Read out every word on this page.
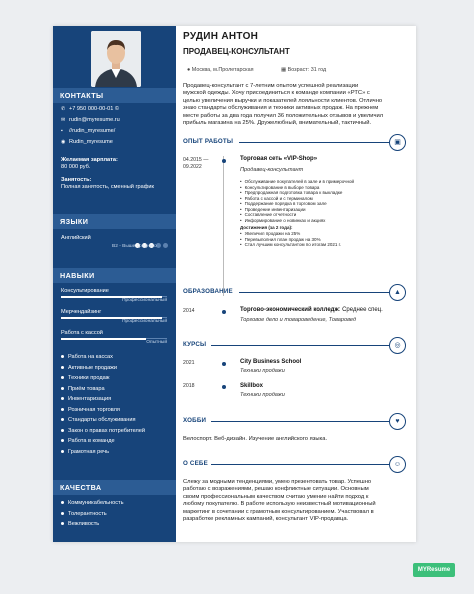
КОНТАКТЫ
✆ +7 950 000-00-01 ©
✉ rudin@myresume.ru
▪ //rudin_myresume/
◉ Rudin_myresume
Желаемая зарплата:
80 000 руб.
Занятость:
Полная занятость, сменный график
ЯЗЫКИ
Английский
B2 - Выше среднего
НАВЫКИ
Консультирование
Профессиональный
Мерчендайзинг
Профессиональный
Работа с кассой
Опытный
Работа на кассах
Активные продажи
Техники продаж
Приём товара
Инвентаризация
Розничная торговля
Стандарты обслуживания
Закон о правах потребителей
Работа в команде
Грамотная речь
КАЧЕСТВА
Коммуникабельность
Толерантность
Вежливость
РУДИН АНТОН
ПРОДАВЕЦ-КОНСУЛЬТАНТ
● Москва, м.Пролетарская	▦ Возраст: 31 год
Продавец-консультант с 7-летним опытом успешной реализации
мужской одежды. Хочу присоединиться к команде компании «РТС» с
целью увеличения выручки и показателей лояльности клиентов. Отлично
знаю стандарты обслуживания и техники активных продаж. На прежнем
месте работы за два года получил 36 положительных отзывов и увеличил
прибыль магазина на 25%. Дружелюбный, внимательный, тактичный.
ОПЫТ РАБОТЫ	▣
04.2015 —
09.2022
Торговая сеть «VIP-Shop»
Продавец-консультант
• Обслуживание покупателей в зале и в примерочной
• Консультирование в выборе товара
• Предпродажная подготовка товара к выкладке
• Работа с кассой и с терминалом
• Поддержание порядка в торговом зале
• Проведение инвентаризации
• Составление отчетности
• Информирование о новинках и акциях
Достижения (за 2 года):
• Увеличил продажи на 25%
• Перевыполнил план продаж на 30%
• Стал лучшим консультантом по итогам 2021 г.
ОБРАЗОВАНИЕ	▲
2014	Торгово-экономический колледж: Среднее спец.
Торговое дело и товароведение, Товаровед
КУРСЫ	◎
2021	City Business School
Техники продажи
2018	Skillbox
Техники продажи
ХОББИ	♥
Велоспорт. Веб-дизайн. Изучение английского языка.
О СЕБЕ	☺
Слежу за модными тенденциями, умею презентовать товар. Успешно
работаю с возражениями, решаю конфликтные ситуации. Основным
своим профессиональным качеством считаю умение найти подход к
любому покупателю. В работе использую неизвестный мотивационный
маркетинг в сочетании с грамотным консультированием. Участвовал в
разработке рекламных кампаний, консультант VIP-продавца.
MYResume
